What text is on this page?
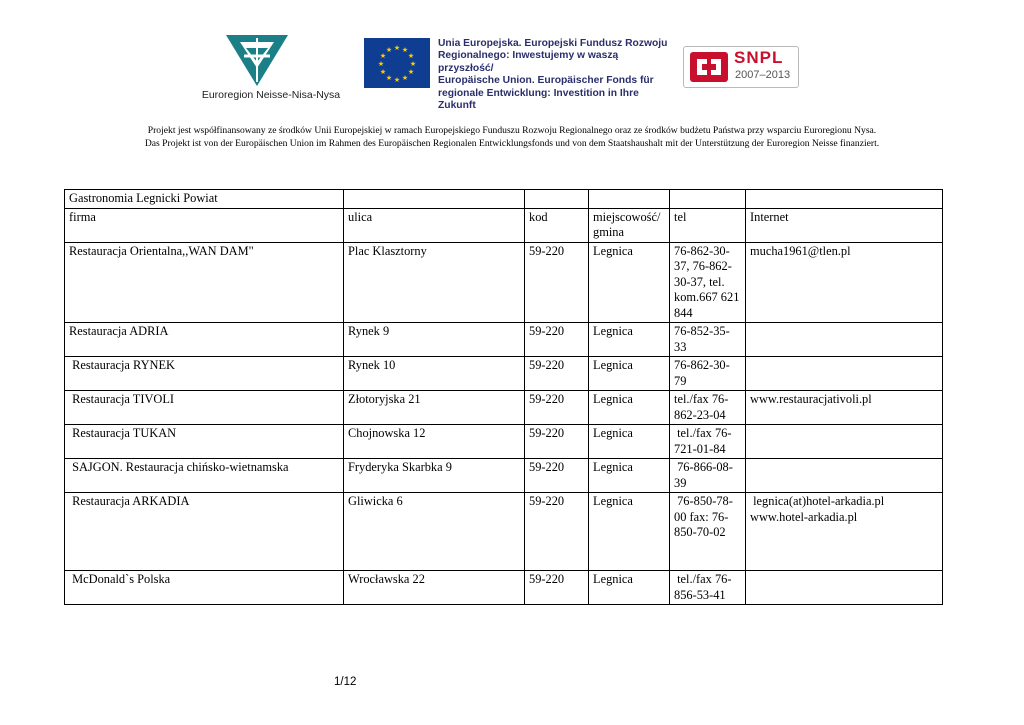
Euroregion Neisse-Nisa-Nysa
★ ★
★
★
★
★
★
★
★
★
★
★
Unia Europejska. Europejski Fundusz Rozwoju
Regionalnego: Inwestujemy w waszą przyszłość/
Europäische Union. Europäischer Fonds für
regionale Entwicklung: Investition in Ihre Zukunft
SNPL
2007–2013
Projekt jest współfinansowany ze środków Unii Europejskiej w ramach Europejskiego Funduszu Rozwoju Regionalnego oraz ze środków budżetu Państwa przy wsparciu Euroregionu Nysa.
Das Projekt ist von der Europäischen Union im Rahmen des Europäischen Regionalen Entwicklungsfonds und von dem Staatshaushalt mit der Unterstützung der Euroregion Neisse finanziert.
Gastronomia Legnicki Powiat					
firma	ulica	kod	miejscowość/ gmina	tel	Internet
Restauracja Orientalna,,WAN DAM"	Plac Klasztorny	59-220	Legnica	76-862-30-37, 76-862-30-37, tel. kom.667 621 844	mucha1961@tlen.pl
Restauracja ADRIA	Rynek 9	59-220	Legnica	76-852-35-33	
Restauracja RYNEK	Rynek 10	59-220	Legnica	76-862-30-79	
Restauracja TIVOLI	Złotoryjska 21	59-220	Legnica	tel./fax 76-862-23-04	www.restauracjativoli.pl
Restauracja TUKAN	Chojnowska 12	59-220	Legnica	tel./fax 76-721-01-84	
SAJGON. Restauracja chińsko-wietnamska	Fryderyka Skarbka 9	59-220	Legnica	76-866-08-39	
Restauracja ARKADIA	Gliwicka 6	59-220	Legnica	76-850-78-00 fax: 76-850-70-02	legnica(at)hotel-arkadia.pl www.hotel-arkadia.pl
McDonald`s Polska	Wrocławska 22	59-220	Legnica	tel./fax 76-856-53-41	
1/12
